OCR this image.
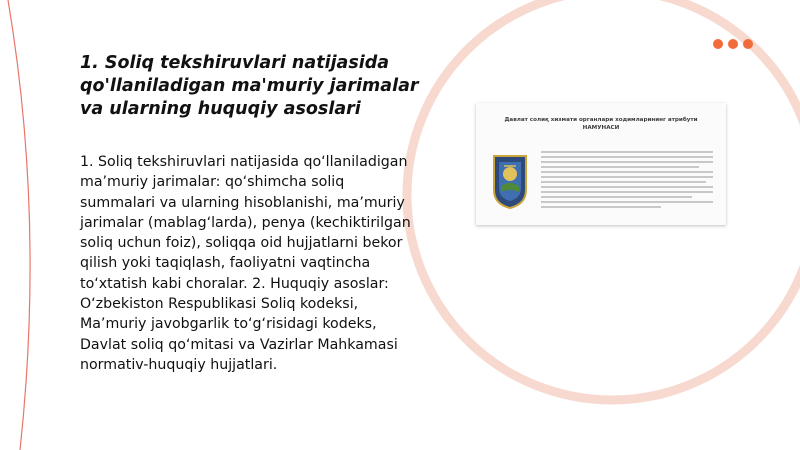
1. Soliq tekshiruvlari natijasida qo'llaniladigan ma'muriy jarimalar va ularning huquqiy asoslari

1. Soliq tekshiruvlari natijasida qo‘llaniladigan ma’muriy jarimalar: qo‘shimcha soliq summalari va ularning hisoblanishi, ma’muriy jarimalar (mablag‘larda), penya (kechiktirilgan soliq uchun foiz), soliqqa oid hujjatlarni bekor qilish yoki taqiqlash, faoliyatni vaqtincha to‘xtatish kabi choralar. 2. Huquqiy asoslar: O‘zbekiston Respublikasi Soliq kodeksi, Ma’muriy javobgarlik to‘g‘risidagi kodeks, Davlat soliq qo‘mitasi va Vazirlar Mahkamasi normativ-huquqiy hujjatlari.

Давлат солиқ хизмати органлари ходимларининг атрибути
НАМУНАСИ
